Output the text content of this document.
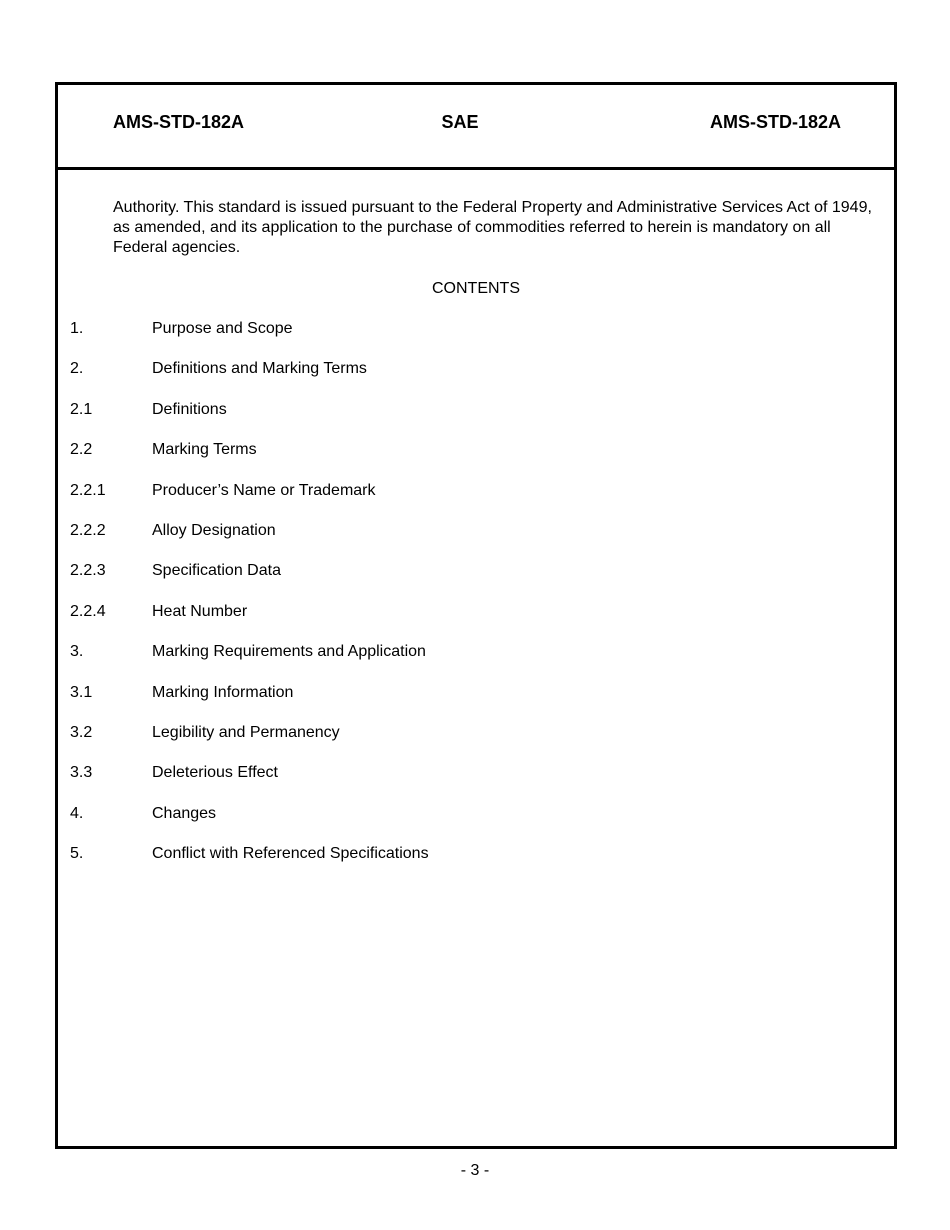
AMS-STD-182A	SAE	AMS-STD-182A

Authority. This standard is issued pursuant to the Federal Property and Administrative Services Act of 1949, as amended, and its application to the purchase of commodities referred to herein is mandatory on all Federal agencies.

CONTENTS
1.	Purpose and Scope
2.	Definitions and Marking Terms
2.1	Definitions
2.2	Marking Terms
2.2.1	Producer’s Name or Trademark
2.2.2	Alloy Designation
2.2.3	Specification Data
2.2.4	Heat Number
3.	Marking Requirements and Application
3.1	Marking Information
3.2	Legibility and Permanency
3.3	Deleterious Effect
4.	Changes
5.	Conflict with Referenced Specifications
- 3 -
